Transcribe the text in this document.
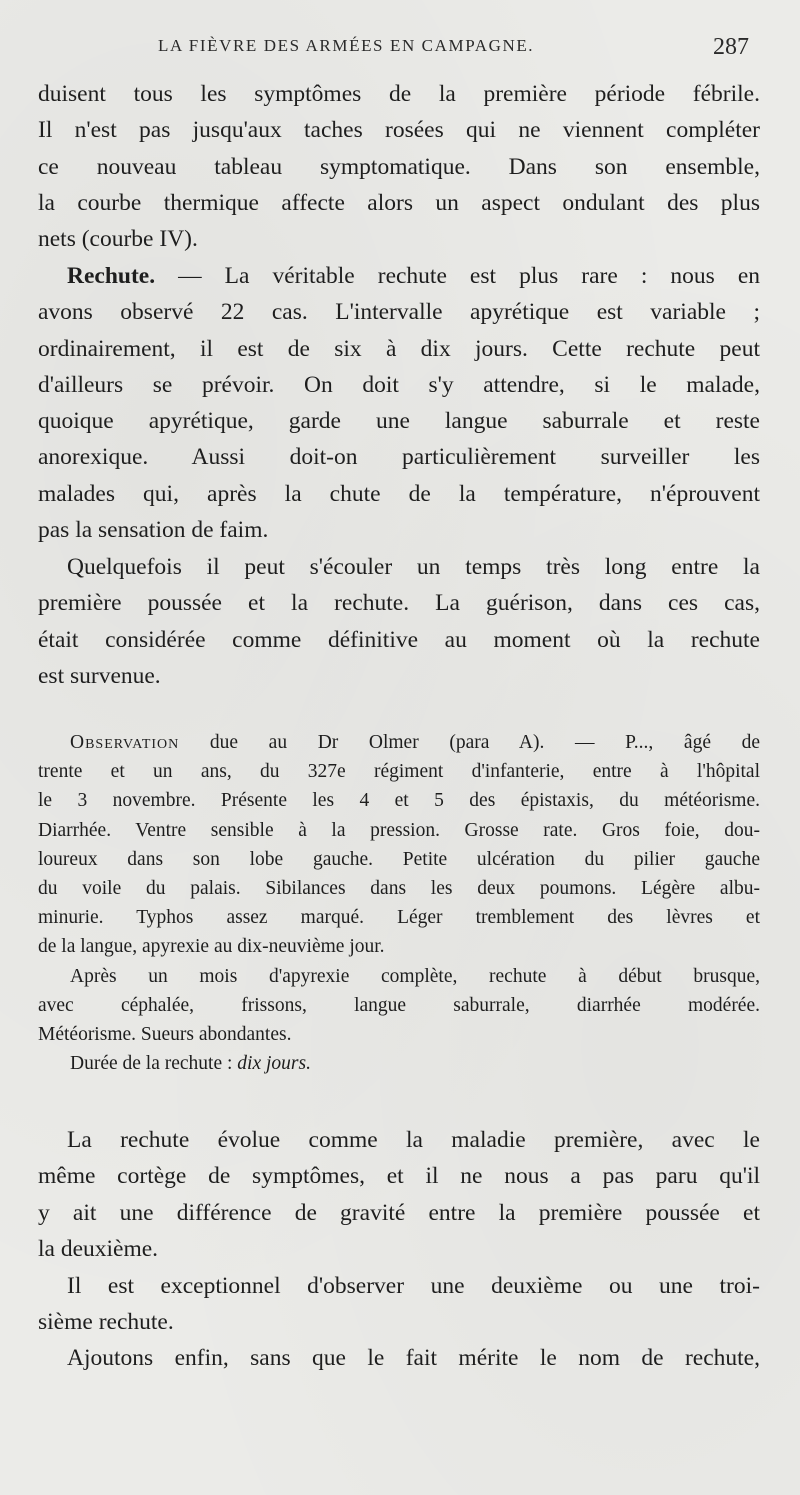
LA FIÈVRE DES ARMÉES EN CAMPAGNE.	287
duisent tous les symptômes de la première période fébrile.
Il n'est pas jusqu'aux taches rosées qui ne viennent compléter
ce nouveau tableau symptomatique. Dans son ensemble,
la courbe thermique affecte alors un aspect ondulant des plus
nets (courbe IV).
Rechute. — La véritable rechute est plus rare : nous en
avons observé 22 cas. L'intervalle apyrétique est variable ;
ordinairement, il est de six à dix jours. Cette rechute peut
d'ailleurs se prévoir. On doit s'y attendre, si le malade,
quoique apyrétique, garde une langue saburrale et reste
anorexique. Aussi doit-on particulièrement surveiller les
malades qui, après la chute de la température, n'éprouvent
pas la sensation de faim.
Quelquefois il peut s'écouler un temps très long entre la
première poussée et la rechute. La guérison, dans ces cas,
était considérée comme définitive au moment où la rechute
est survenue.
Observation due au Dr Olmer (para A). — P..., âgé de
trente et un ans, du 327e régiment d'infanterie, entre à l'hôpital
le 3 novembre. Présente les 4 et 5 des épistaxis, du météorisme.
Diarrhée. Ventre sensible à la pression. Grosse rate. Gros foie, dou-
loureux dans son lobe gauche. Petite ulcération du pilier gauche
du voile du palais. Sibilances dans les deux poumons. Légère albu-
minurie. Typhos assez marqué. Léger tremblement des lèvres et
de la langue, apyrexie au dix-neuvième jour.
Après un mois d'apyrexie complète, rechute à début brusque,
avec céphalée, frissons, langue saburrale, diarrhée modérée.
Météorisme. Sueurs abondantes.
Durée de la rechute : dix jours.
La rechute évolue comme la maladie première, avec le
même cortège de symptômes, et il ne nous a pas paru qu'il
y ait une différence de gravité entre la première poussée et
la deuxième.
Il est exceptionnel d'observer une deuxième ou une troi-
sième rechute.
Ajoutons enfin, sans que le fait mérite le nom de rechute,
